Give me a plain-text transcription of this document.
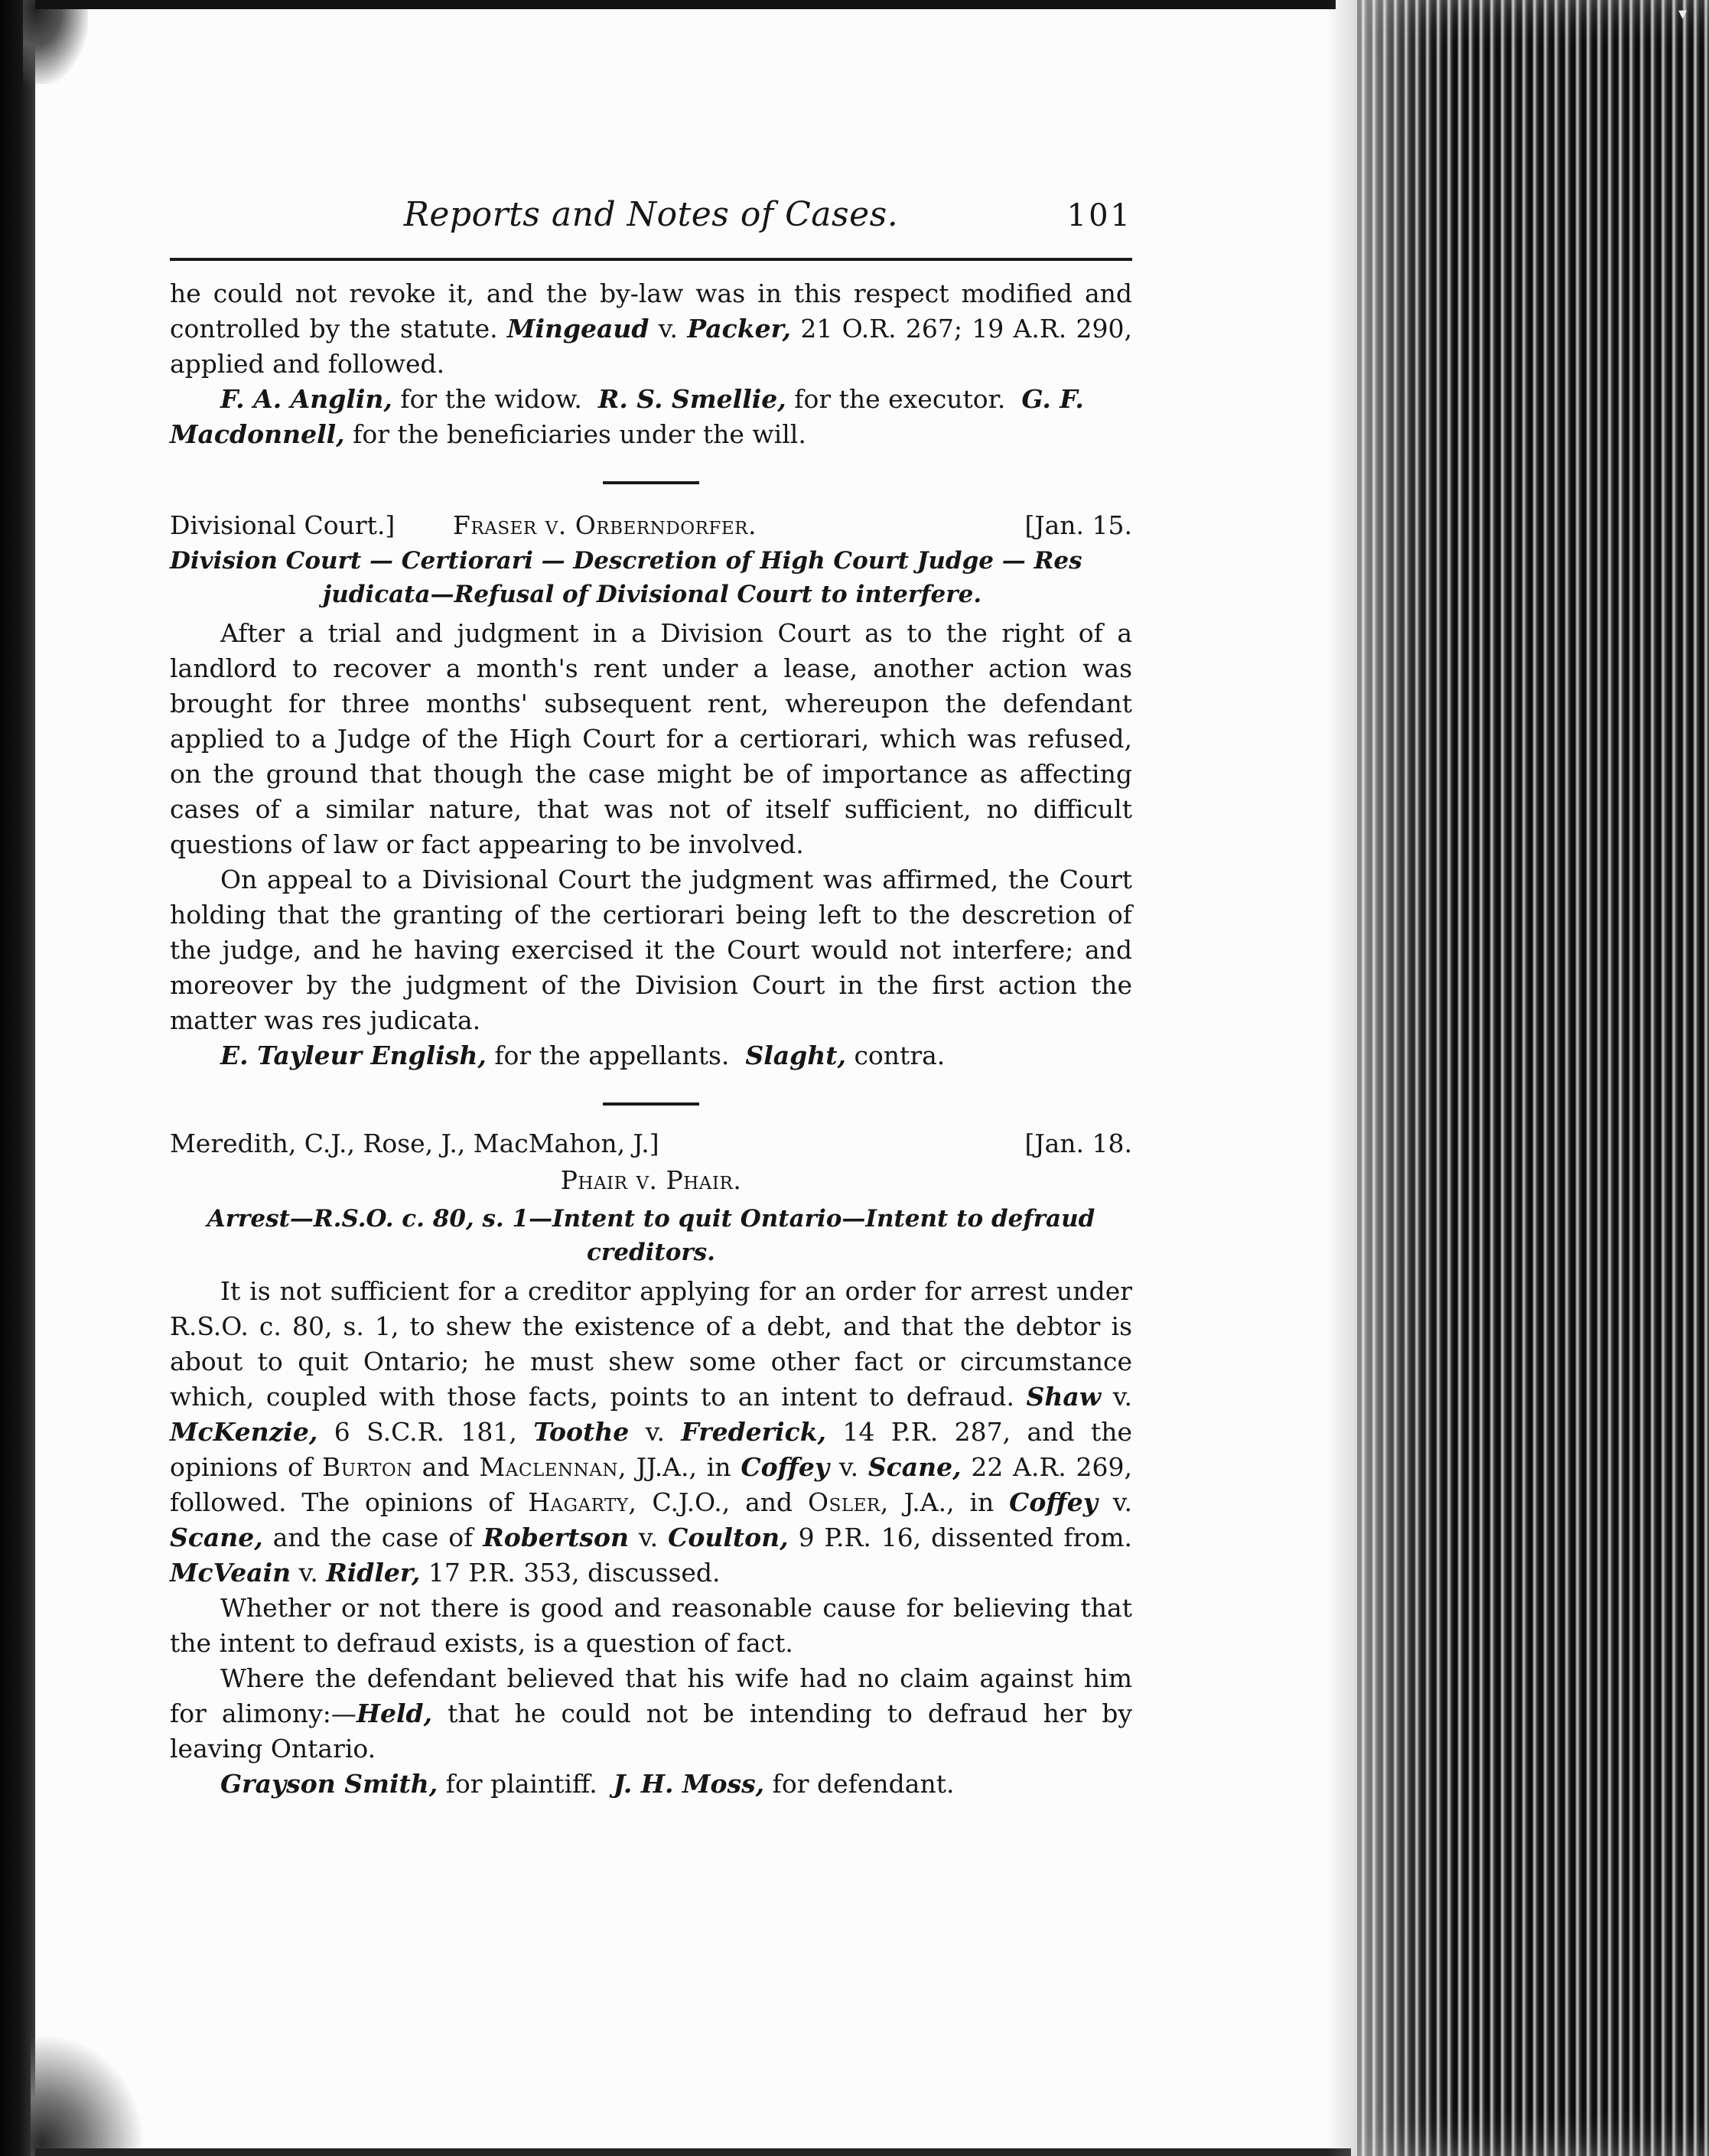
▾
Reports and Notes of Cases.	101

he could not revoke it, and the by-law was in this respect modified and controlled by the statute. Mingeaud v. Packer, 21 O.R. 267; 19 A.R. 290, applied and followed.

F. A. Anglin, for the widow. R. S. Smellie, for the executor. G. F. Macdonnell, for the beneficiaries under the will.

Divisional Court.] Fraser v. Orberndorfer.	[Jan. 15.
Division Court — Certiorari — Descretion of High Court Judge — Res
judicata—Refusal of Divisional Court to interfere.

After a trial and judgment in a Division Court as to the right of a landlord to recover a month's rent under a lease, another action was brought for three months' subsequent rent, whereupon the defendant applied to a Judge of the High Court for a certiorari, which was refused, on the ground that though the case might be of importance as affecting cases of a similar nature, that was not of itself sufficient, no difficult questions of law or fact appearing to be involved.

On appeal to a Divisional Court the judgment was affirmed, the Court holding that the granting of the certiorari being left to the descretion of the judge, and he having exercised it the Court would not interfere; and moreover by the judgment of the Division Court in the first action the matter was res judicata.

E. Tayleur English, for the appellants. Slaght, contra.

Meredith, C.J., Rose, J., MacMahon, J.]	[Jan. 18.
Phair v. Phair.
Arrest—R.S.O. c. 80, s. 1—Intent to quit Ontario—Intent to defraud
creditors.

It is not sufficient for a creditor applying for an order for arrest under R.S.O. c. 80, s. 1, to shew the existence of a debt, and that the debtor is about to quit Ontario; he must shew some other fact or circumstance which, coupled with those facts, points to an intent to defraud. Shaw v. McKenzie, 6 S.C.R. 181, Toothe v. Frederick, 14 P.R. 287, and the opinions of Burton and Maclennan, JJ.A., in Coffey v. Scane, 22 A.R. 269, followed. The opinions of Hagarty, C.J.O., and Osler, J.A., in Coffey v. Scane, and the case of Robertson v. Coulton, 9 P.R. 16, dissented from. McVeain v. Ridler, 17 P.R. 353, discussed.

Whether or not there is good and reasonable cause for believing that the intent to defraud exists, is a question of fact.

Where the defendant believed that his wife had no claim against him for alimony:—Held, that he could not be intending to defraud her by leaving Ontario.

Grayson Smith, for plaintiff. J. H. Moss, for defendant.
